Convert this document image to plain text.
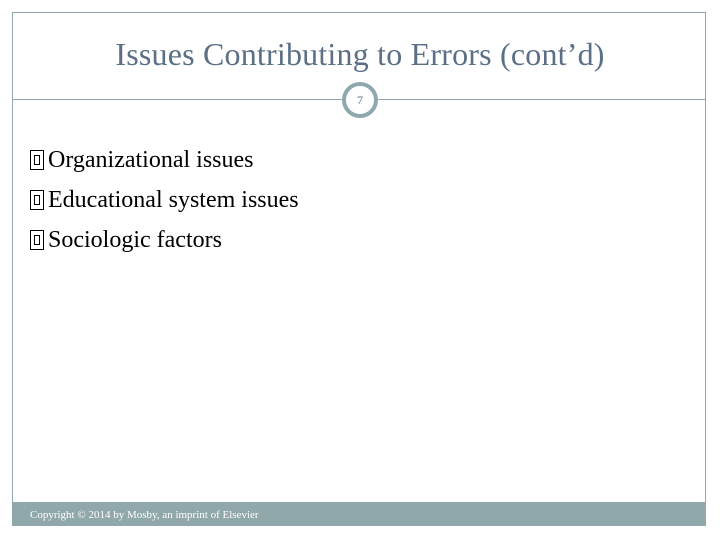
Issues Contributing to Errors (cont’d)
7
Organizational issues
Educational system issues
Sociologic factors
Copyright © 2014 by Mosby, an imprint of Elsevier
